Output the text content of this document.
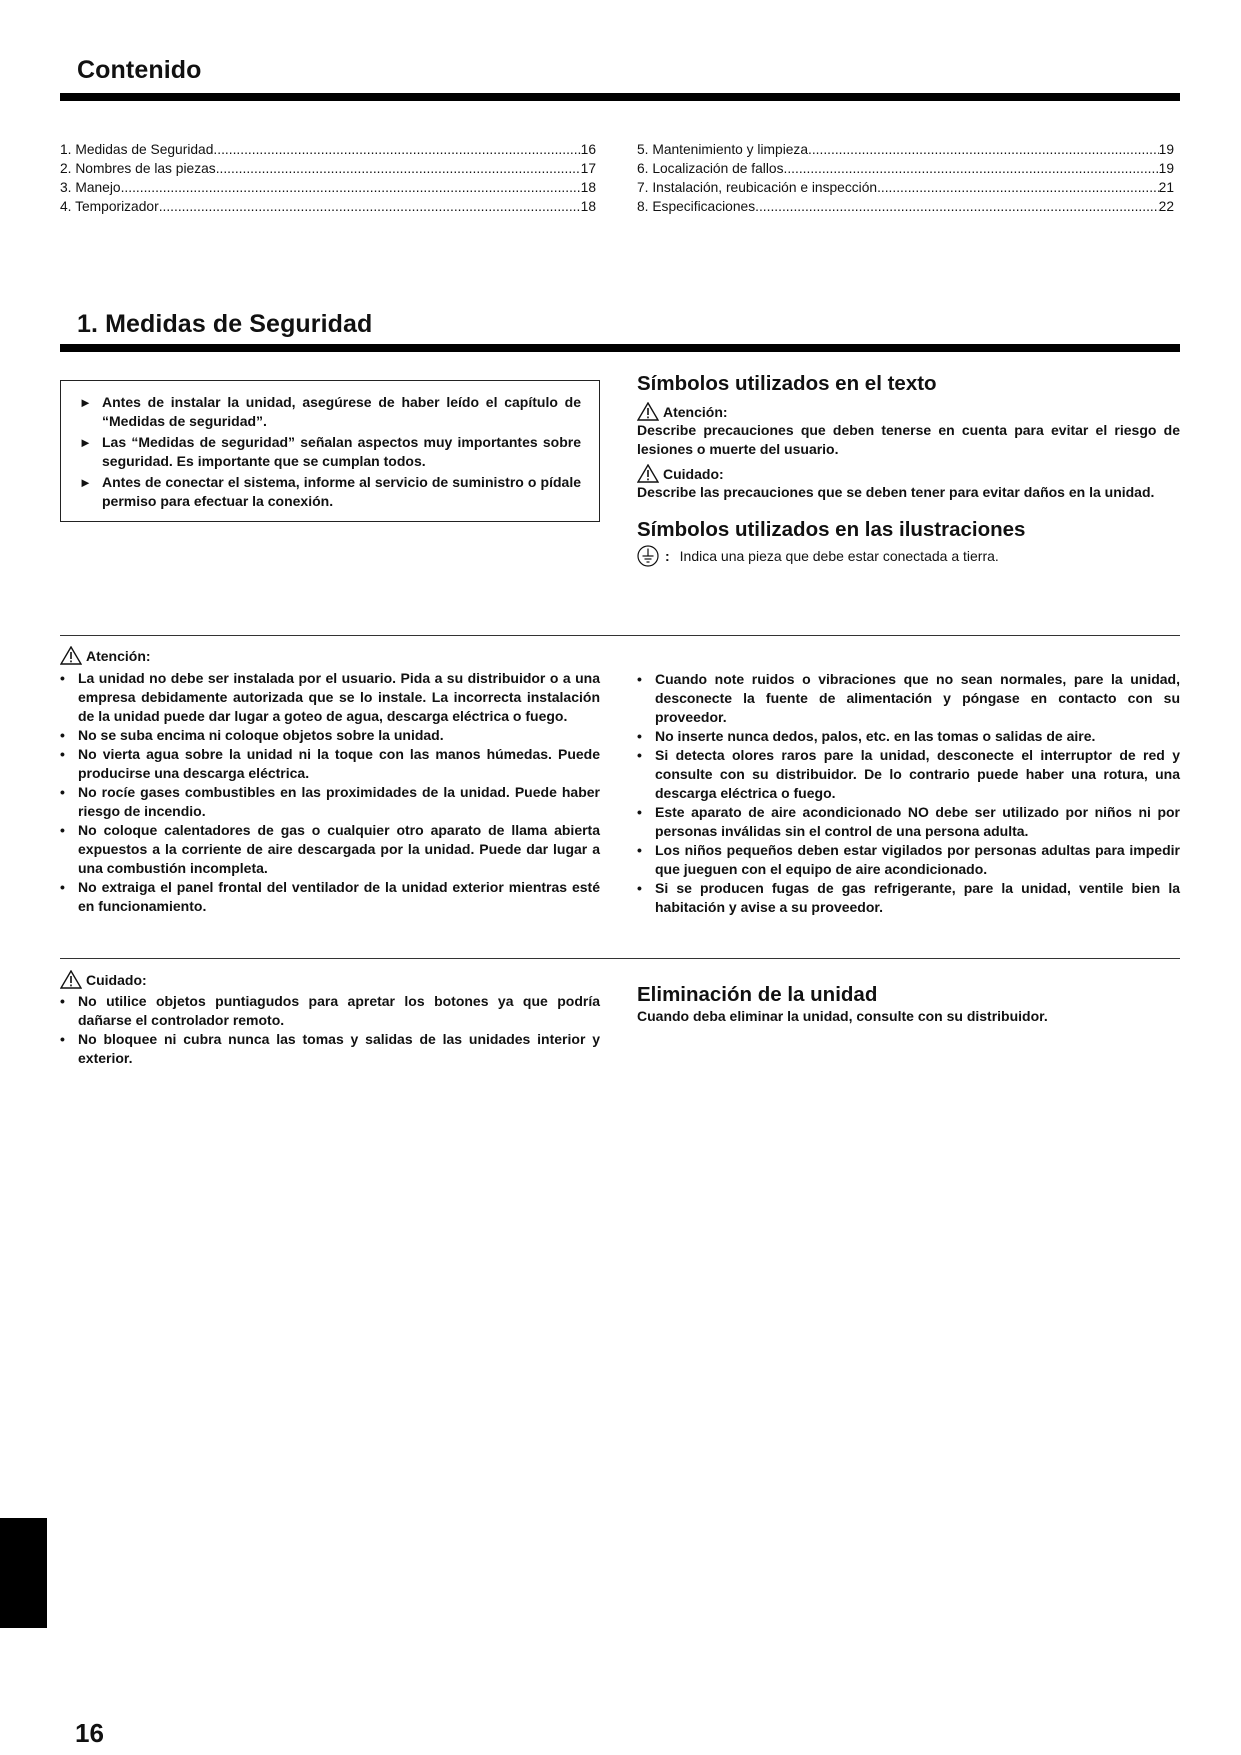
Contenido
1. Medidas de Seguridad .....	16
2. Nombres de las piezas .....	17
3. Manejo .....	18
4. Temporizador .....	18
5. Mantenimiento y limpieza .....	19
6. Localización de fallos .....	19
7. Instalación, reubicación e inspección .....	21
8. Especificaciones .....	22
1. Medidas de Seguridad
► Antes de instalar la unidad, asegúrese de haber leído el capítulo de “Medidas de seguridad”.
► Las “Medidas de seguridad” señalan aspectos muy importantes sobre seguridad. Es importante que se cumplan todos.
► Antes de conectar el sistema, informe al servicio de suministro o pídale permiso para efectuar la conexión.
Símbolos utilizados en el texto
Atención:
Describe precauciones que deben tenerse en cuenta para evitar el riesgo de lesiones o muerte del usuario.
Cuidado:
Describe las precauciones que se deben tener para evitar daños en la unidad.
Símbolos utilizados en las ilustraciones
: Indica una pieza que debe estar conectada a tierra.
Atención:
• La unidad no debe ser instalada por el usuario. Pida a su distribuidor o a una empresa debidamente autorizada que se lo instale. La incorrecta instalación de la unidad puede dar lugar a goteo de agua, descarga eléctrica o fuego.
• No se suba encima ni coloque objetos sobre la unidad.
• No vierta agua sobre la unidad ni la toque con las manos húmedas. Puede producirse una descarga eléctrica.
• No rocíe gases combustibles en las proximidades de la unidad. Puede haber riesgo de incendio.
• No coloque calentadores de gas o cualquier otro aparato de llama abierta expuestos a la corriente de aire descargada por la unidad. Puede dar lugar a una combustión incompleta.
• No extraiga el panel frontal del ventilador de la unidad exterior mientras esté en funcionamiento.
• Cuando note ruidos o vibraciones que no sean normales, pare la unidad, desconecte la fuente de alimentación y póngase en contacto con su proveedor.
• No inserte nunca dedos, palos, etc. en las tomas o salidas de aire.
• Si detecta olores raros pare la unidad, desconecte el interruptor de red y consulte con su distribuidor. De lo contrario puede haber una rotura, una descarga eléctrica o fuego.
• Este aparato de aire acondicionado NO debe ser utilizado por niños ni por personas inválidas sin el control de una persona adulta.
• Los niños pequeños deben estar vigilados por personas adultas para impedir que jueguen con el equipo de aire acondicionado.
• Si se producen fugas de gas refrigerante, pare la unidad, ventile bien la habitación y avise a su proveedor.
Cuidado:
• No utilice objetos puntiagudos para apretar los botones ya que podría dañarse el controlador remoto.
• No bloquee ni cubra nunca las tomas y salidas de las unidades interior y exterior.
Eliminación de la unidad
Cuando deba eliminar la unidad, consulte con su distribuidor.
16
